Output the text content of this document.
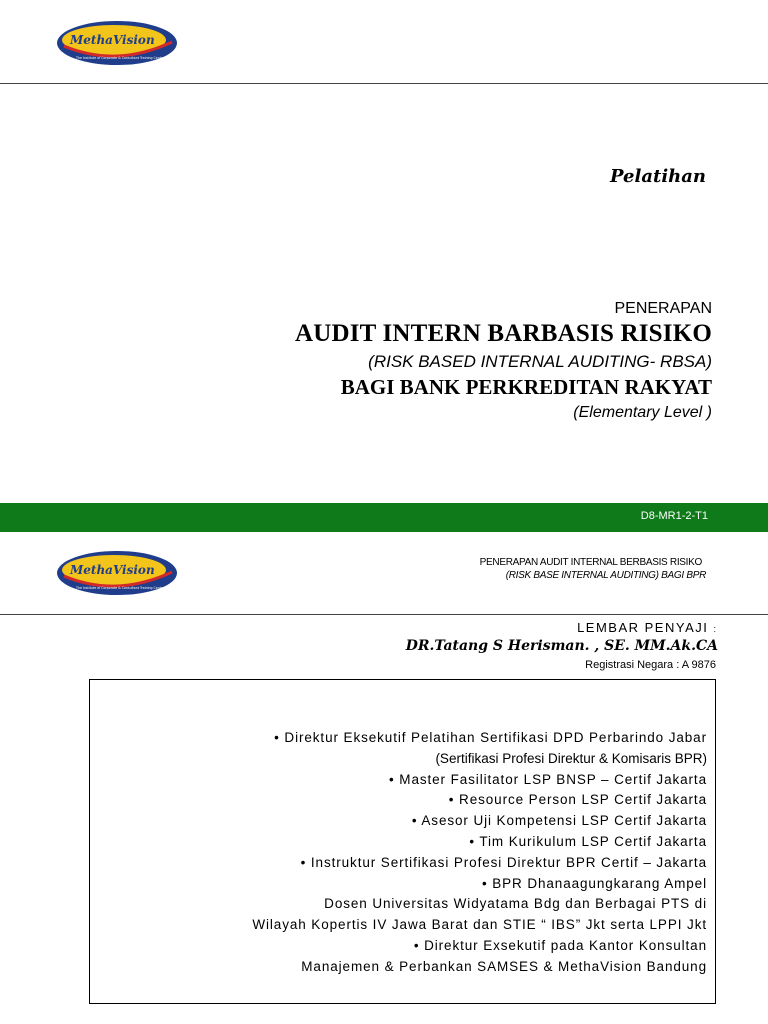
MethaVision
The Institute of Corporate & Consultant Training Center
Pelatihan
PENERAPAN
AUDIT INTERN BARBASIS RISIKO
(RISK BASED INTERNAL AUDITING- RBSA)
BAGI BANK PERKREDITAN RAKYAT
(Elementary Level )
D8-MR1-2-T1
MethaVision
The Institute of Corporate & Consultant Training Center
PENERAPAN AUDIT INTERNAL BERBASIS RISIKO
(RISK BASE INTERNAL AUDITING) BAGI BPR
LEMBAR PENYAJI :
DR.Tatang S Herisman. , SE. MM.Ak.CA
Registrasi Negara : A 9876
• Direktur Eksekutif Pelatihan Sertifikasi DPD Perbarindo Jabar
(Sertifikasi Profesi Direktur & Komisaris BPR)
• Master Fasilitator LSP BNSP – Certif Jakarta
• Resource Person LSP Certif Jakarta
• Asesor Uji Kompetensi LSP Certif Jakarta
• Tim Kurikulum LSP Certif Jakarta
• Instruktur Sertifikasi Profesi Direktur BPR Certif – Jakarta
• BPR Dhanaagungkarang Ampel
Dosen Universitas Widyatama Bdg dan Berbagai PTS di
Wilayah Kopertis IV Jawa Barat dan STIE “ IBS” Jkt serta LPPI Jkt
• Direktur Exsekutif pada Kantor Konsultan
Manajemen & Perbankan SAMSES & MethaVision Bandung
